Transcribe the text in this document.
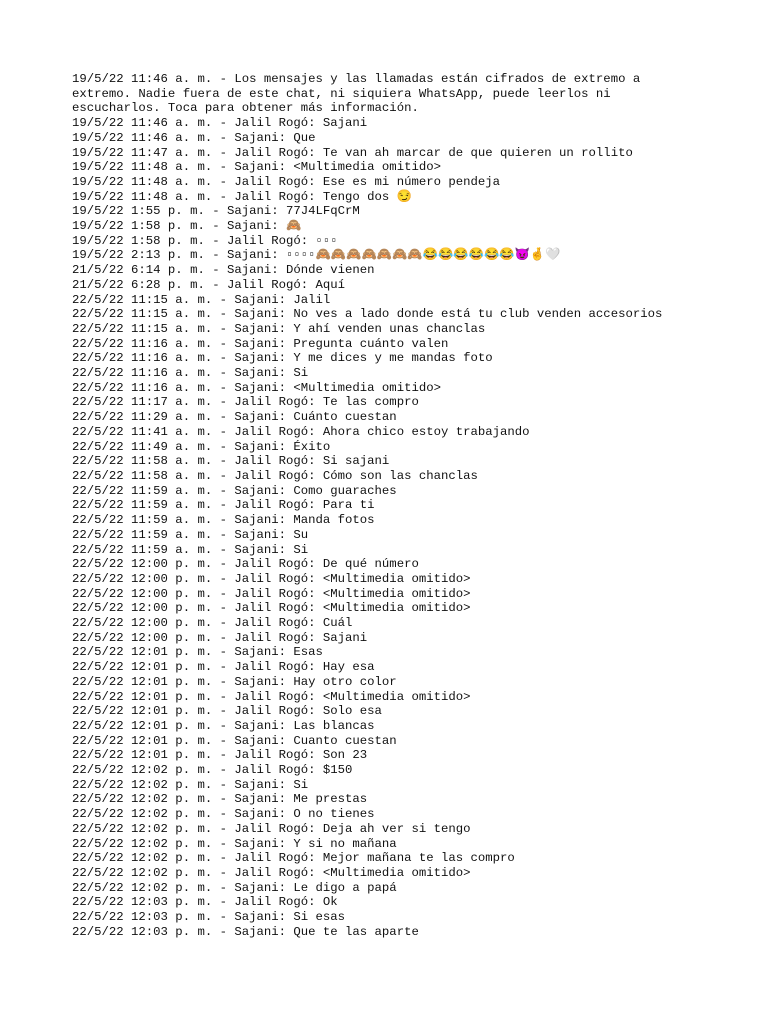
19/5/22 11:46 a. m. - Los mensajes y las llamadas están cifrados de extremo a extremo. Nadie fuera de este chat, ni siquiera WhatsApp, puede leerlos ni escucharlos. Toca para obtener más información.
19/5/22 11:46 a. m. - Jalil Rogó: Sajani
19/5/22 11:46 a. m. - Sajani: Que
19/5/22 11:47 a. m. - Jalil Rogó: Te van ah marcar de que quieren un rollito
19/5/22 11:48 a. m. - Sajani: <Multimedia omitido>
19/5/22 11:48 a. m. - Jalil Rogó: Ese es mi número pendeja
19/5/22 11:48 a. m. - Jalil Rogó: Tengo dos 😏
19/5/22 1:55 p. m. - Sajani: 77J4LFqCrM
19/5/22 1:58 p. m. - Sajani: 🙈
19/5/22 1:58 p. m. - Jalil Rogó: ▫▫▫
19/5/22 2:13 p. m. - Sajani: ▫▫▫▫🙈🙈🙈🙈🙈🙈🙈😂😂😂😂😂😂😈🤞🤍
21/5/22 6:14 p. m. - Sajani: Dónde vienen
21/5/22 6:28 p. m. - Jalil Rogó: Aquí
22/5/22 11:15 a. m. - Sajani: Jalil
22/5/22 11:15 a. m. - Sajani: No ves a lado donde está tu club venden accesorios
22/5/22 11:15 a. m. - Sajani: Y ahí venden unas chanclas
22/5/22 11:16 a. m. - Sajani: Pregunta cuánto valen
22/5/22 11:16 a. m. - Sajani: Y me dices y me mandas foto
22/5/22 11:16 a. m. - Sajani: Si
22/5/22 11:16 a. m. - Sajani: <Multimedia omitido>
22/5/22 11:17 a. m. - Jalil Rogó: Te las compro
22/5/22 11:29 a. m. - Sajani: Cuánto cuestan
22/5/22 11:41 a. m. - Jalil Rogó: Ahora chico estoy trabajando
22/5/22 11:49 a. m. - Sajani: Éxito
22/5/22 11:58 a. m. - Jalil Rogó: Si sajani
22/5/22 11:58 a. m. - Jalil Rogó: Cómo son las chanclas
22/5/22 11:59 a. m. - Sajani: Como guaraches
22/5/22 11:59 a. m. - Jalil Rogó: Para ti
22/5/22 11:59 a. m. - Sajani: Manda fotos
22/5/22 11:59 a. m. - Sajani: Su
22/5/22 11:59 a. m. - Sajani: Si
22/5/22 12:00 p. m. - Jalil Rogó: De qué número
22/5/22 12:00 p. m. - Jalil Rogó: <Multimedia omitido>
22/5/22 12:00 p. m. - Jalil Rogó: <Multimedia omitido>
22/5/22 12:00 p. m. - Jalil Rogó: <Multimedia omitido>
22/5/22 12:00 p. m. - Jalil Rogó: Cuál
22/5/22 12:00 p. m. - Jalil Rogó: Sajani
22/5/22 12:01 p. m. - Sajani: Esas
22/5/22 12:01 p. m. - Jalil Rogó: Hay esa
22/5/22 12:01 p. m. - Sajani: Hay otro color
22/5/22 12:01 p. m. - Jalil Rogó: <Multimedia omitido>
22/5/22 12:01 p. m. - Jalil Rogó: Solo esa
22/5/22 12:01 p. m. - Sajani: Las blancas
22/5/22 12:01 p. m. - Sajani: Cuanto cuestan
22/5/22 12:01 p. m. - Jalil Rogó: Son 23
22/5/22 12:02 p. m. - Jalil Rogó: $150
22/5/22 12:02 p. m. - Sajani: Si
22/5/22 12:02 p. m. - Sajani: Me prestas
22/5/22 12:02 p. m. - Sajani: O no tienes
22/5/22 12:02 p. m. - Jalil Rogó: Deja ah ver si tengo
22/5/22 12:02 p. m. - Sajani: Y si no mañana
22/5/22 12:02 p. m. - Jalil Rogó: Mejor mañana te las compro
22/5/22 12:02 p. m. - Jalil Rogó: <Multimedia omitido>
22/5/22 12:02 p. m. - Sajani: Le digo a papá
22/5/22 12:03 p. m. - Jalil Rogó: Ok
22/5/22 12:03 p. m. - Sajani: Si esas
22/5/22 12:03 p. m. - Sajani: Que te las aparte
